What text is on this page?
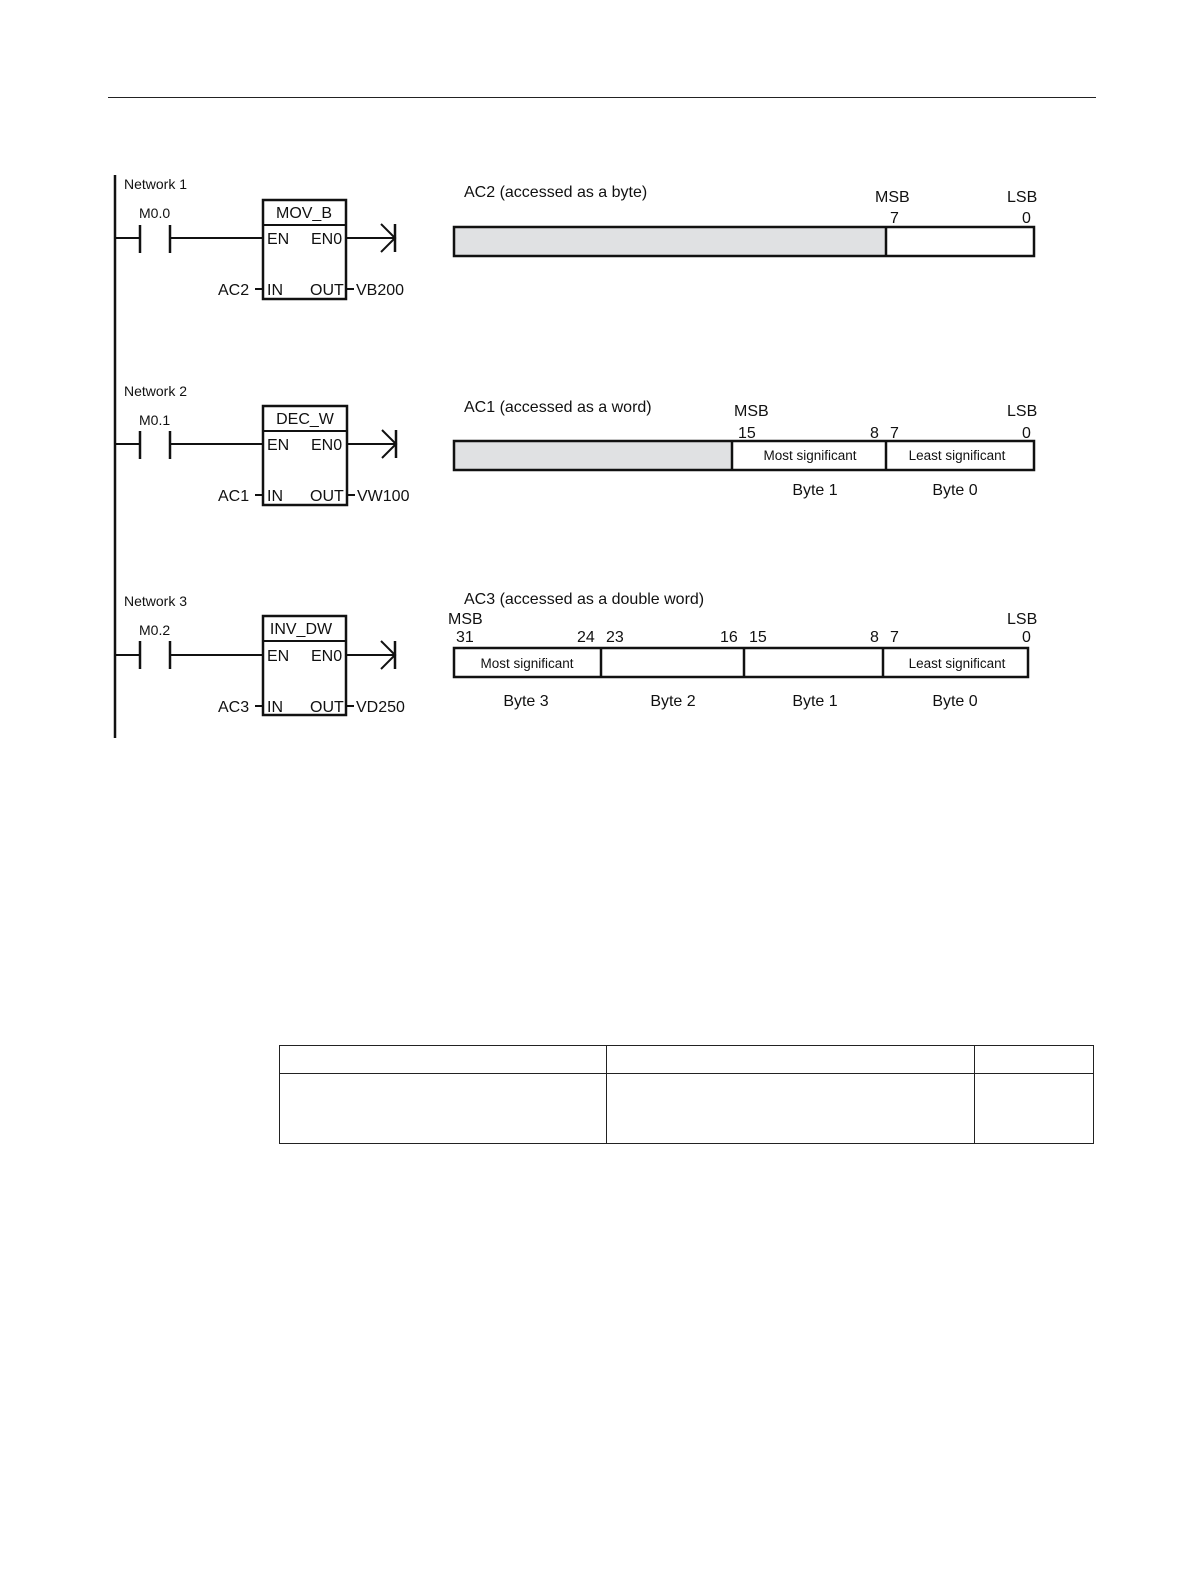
Network 1
M0.0	MOV_B
EN EN0
IN OUT
AC2	VB200
Network 2
M0.1	DEC_W
EN EN0
IN OUT
AC1	VW100
Network 3
M0.2	INV_DW
EN EN0
IN OUT
AC3	VD250
AC2 (accessed as a byte)	MSB	LSB
7	0
AC1 (accessed as a word)	MSB	LSB
15	8 7	0
Most significant	Least significant
Byte 1	Byte 0
AC3 (accessed as a double word)
MSB	LSB
31	24 23	16 15	8 7	0
Most significant	Least significant
Byte 3	Byte 2	Byte 1	Byte 0
